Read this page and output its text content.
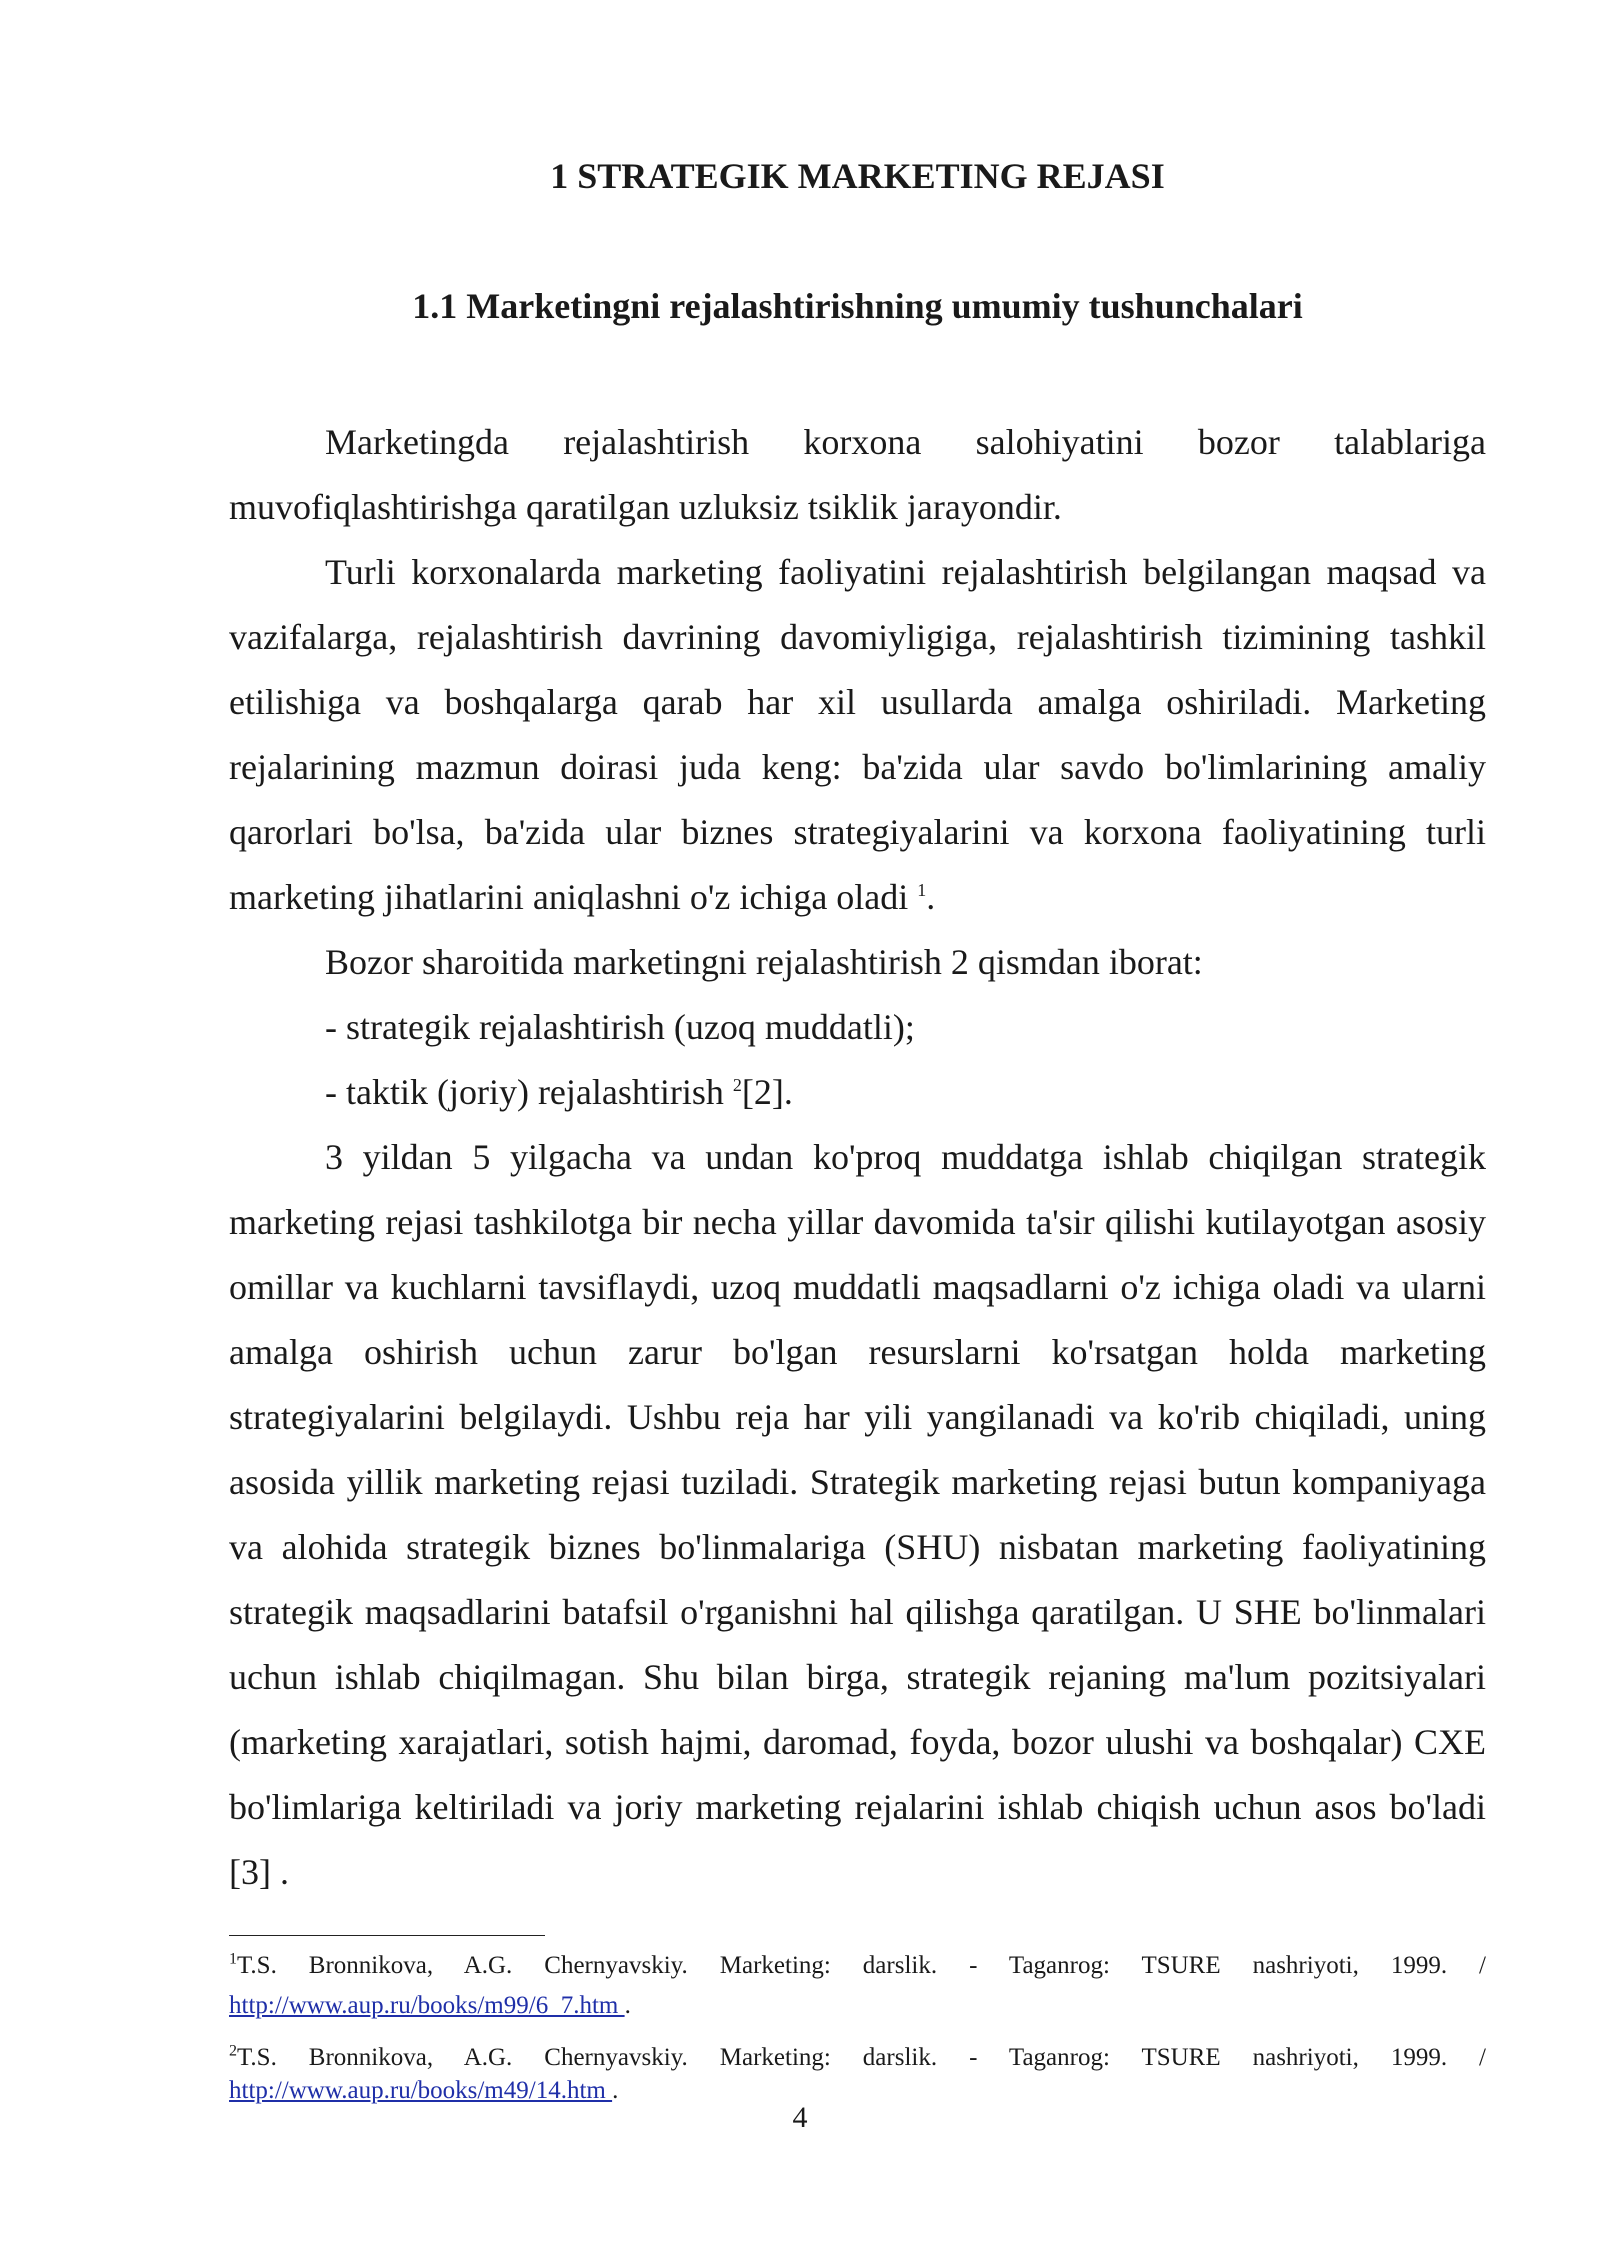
1 STRATEGIK MARKETING REJASI
1.1 Marketingni rejalashtirishning umumiy tushunchalari

Marketingda rejalashtirish korxona salohiyatini bozor talablariga muvofiqlashtirishga qaratilgan uzluksiz tsiklik jarayondir.

Turli korxonalarda marketing faoliyatini rejalashtirish belgilangan maqsad va vazifalarga, rejalashtirish davrining davomiyligiga, rejalashtirish tizimining tashkil etilishiga va boshqalarga qarab har xil usullarda amalga oshiriladi. Marketing rejalarining mazmun doirasi juda keng: ba'zida ular savdo bo'limlarining amaliy qarorlari bo'lsa, ba'zida ular biznes strategiyalarini va korxona faoliyatining turli marketing jihatlarini aniqlashni o'z ichiga oladi $^1$.

Bozor sharoitida marketingni rejalashtirish 2 qismdan iborat:

- strategik rejalashtirish (uzoq muddatli);

- taktik (joriy) rejalashtirish $^2$[2].

3 yildan 5 yilgacha va undan ko'proq muddatga ishlab chiqilgan strategik marketing rejasi tashkilotga bir necha yillar davomida ta'sir qilishi kutilayotgan asosiy omillar va kuchlarni tavsiflaydi, uzoq muddatli maqsadlarni o'z ichiga oladi va ularni amalga oshirish uchun zarur bo'lgan resurslarni ko'rsatgan holda marketing strategiyalarini belgilaydi. Ushbu reja har yili yangilanadi va ko'rib chiqiladi, uning asosida yillik marketing rejasi tuziladi. Strategik marketing rejasi butun kompaniyaga va alohida strategik biznes bo'linmalariga (SHU) nisbatan marketing faoliyatining strategik maqsadlarini batafsil o'rganishni hal qilishga qaratilgan. U SHE bo'linmalari uchun ishlab chiqilmagan. Shu bilan birga, strategik rejaning ma'lum pozitsiyalari (marketing xarajatlari, sotish hajmi, daromad, foyda, bozor ulushi va boshqalar) CXE bo'limlariga keltiriladi va joriy marketing rejalarini ishlab chiqish uchun asos bo'ladi [3] .

$^1$T.S. Bronnikova, A.G. Chernyavskiy. Marketing: darslik. - Taganrog: TSURE nashriyoti, 1999. /
http://www.aup.ru/books/m99/6_7.htm .
$^2$T.S. Bronnikova, A.G. Chernyavskiy. Marketing: darslik. - Taganrog: TSURE nashriyoti, 1999. /
http://www.aup.ru/books/m49/14.htm .
4
